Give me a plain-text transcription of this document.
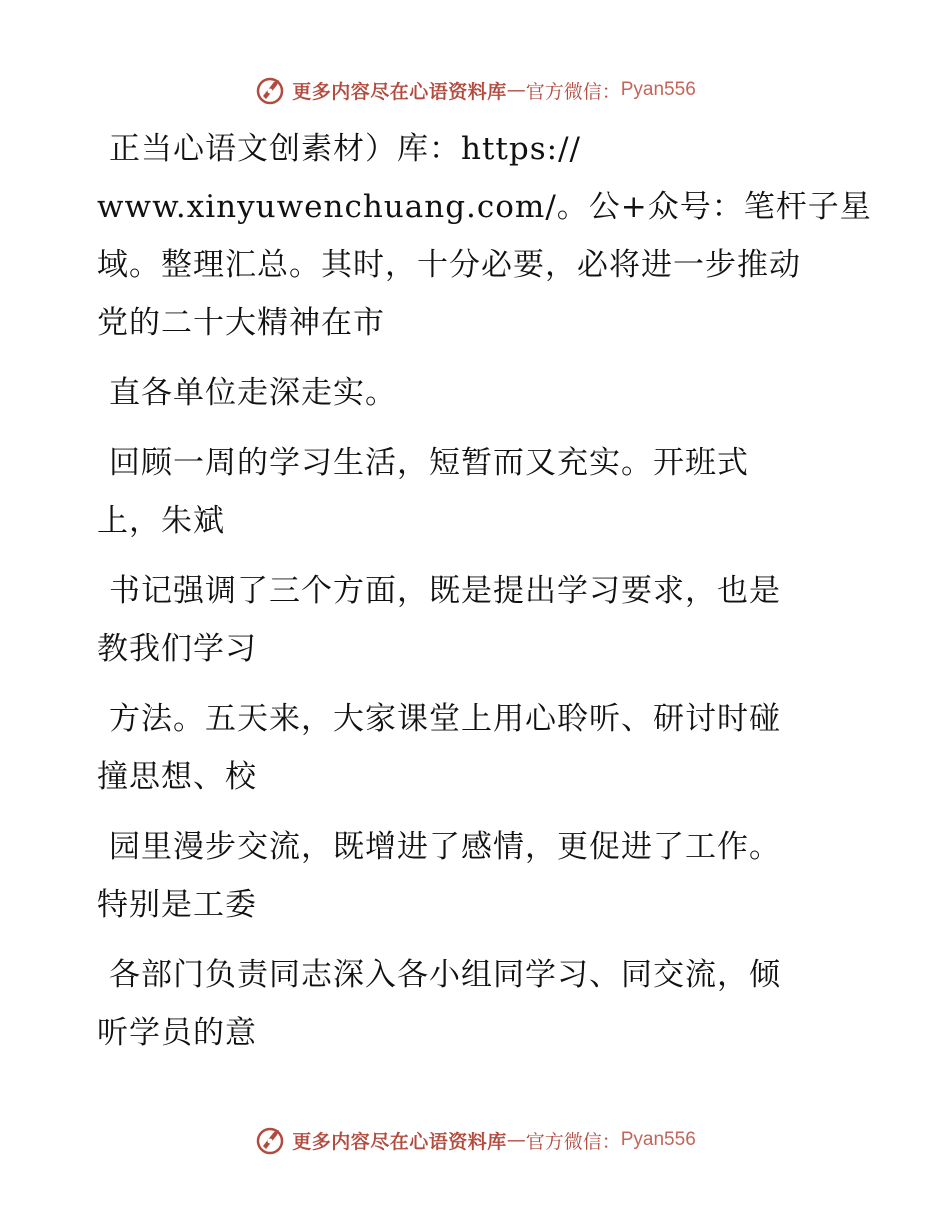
更多内容尽在心语资料库 — 官方微信： Pyan556
正当心语文创素材）库：https://
www.xinyuwenchuang.com/。公+众号：笔杆子星
域。整理汇总。其时，十分必要，必将进一步推动
党的二十大精神在市
直各单位走深走实。
回顾一周的学习生活，短暂而又充实。开班式
上，朱斌
书记强调了三个方面，既是提出学习要求，也是
教我们学习
方法。五天来，大家课堂上用心聆听、研讨时碰
撞思想、校
园里漫步交流，既增进了感情，更促进了工作。
特别是工委
各部门负责同志深入各小组同学习、同交流，倾
听学员的意
更多内容尽在心语资料库 — 官方微信： Pyan556
